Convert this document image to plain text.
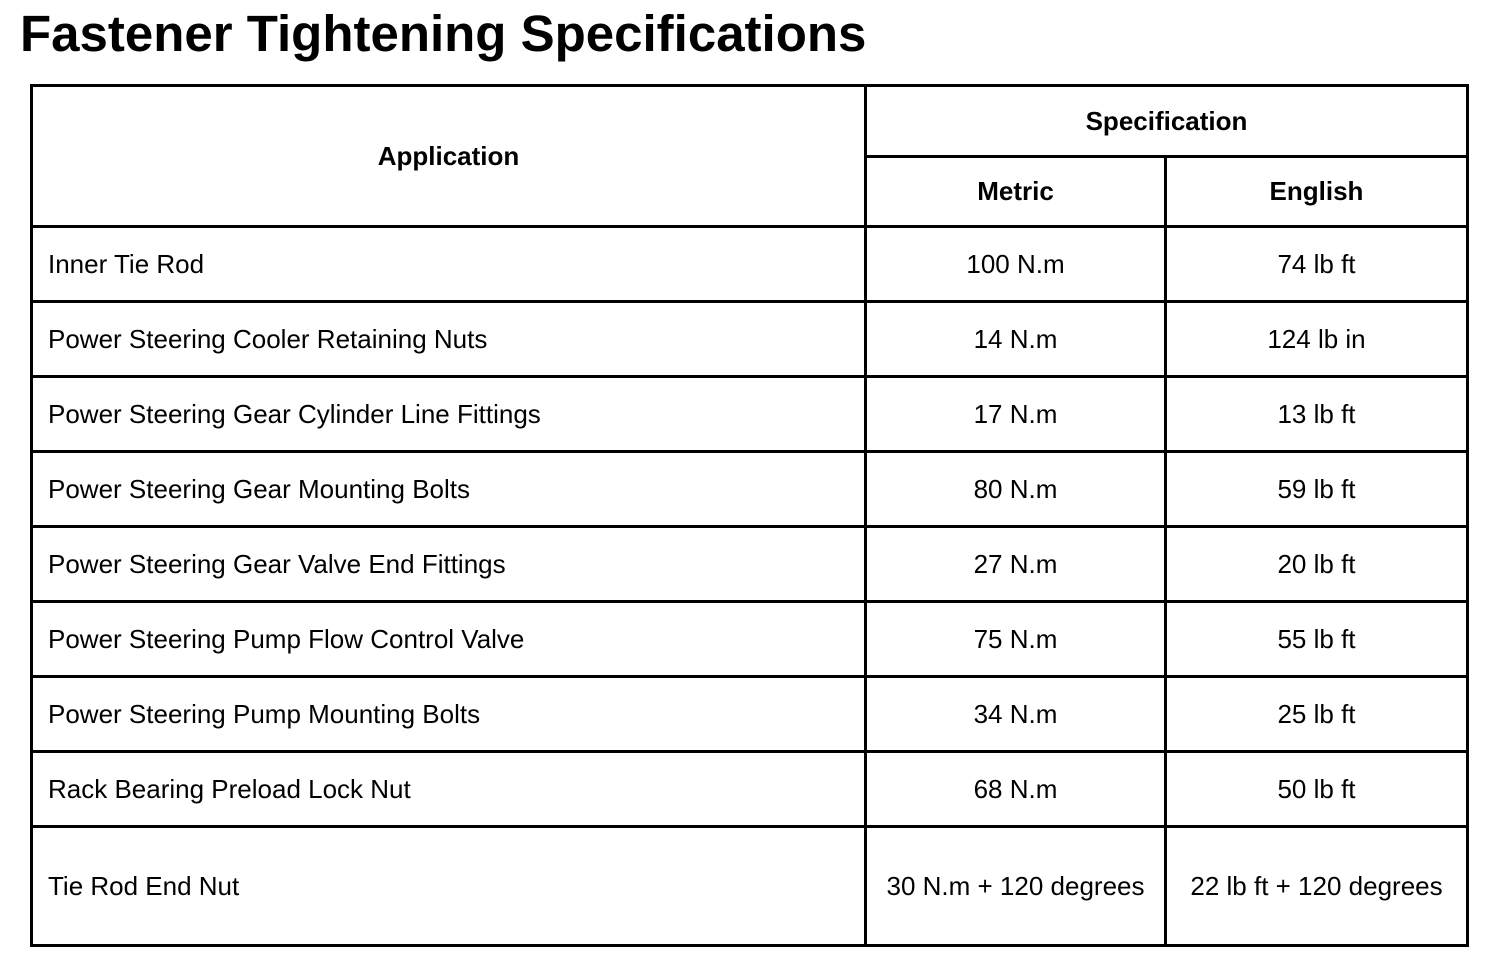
Fastener Tightening Specifications
Application	Specification	
	Metric	English
Inner Tie Rod	100 N.m	74 lb ft
Power Steering Cooler Retaining Nuts	14 N.m	124 lb in
Power Steering Gear Cylinder Line Fittings	17 N.m	13 lb ft
Power Steering Gear Mounting Bolts	80 N.m	59 lb ft
Power Steering Gear Valve End Fittings	27 N.m	20 lb ft
Power Steering Pump Flow Control Valve	75 N.m	55 lb ft
Power Steering Pump Mounting Bolts	34 N.m	25 lb ft
Rack Bearing Preload Lock Nut	68 N.m	50 lb ft
Tie Rod End Nut	30 N.m + 120 degrees	22 lb ft + 120 degrees
